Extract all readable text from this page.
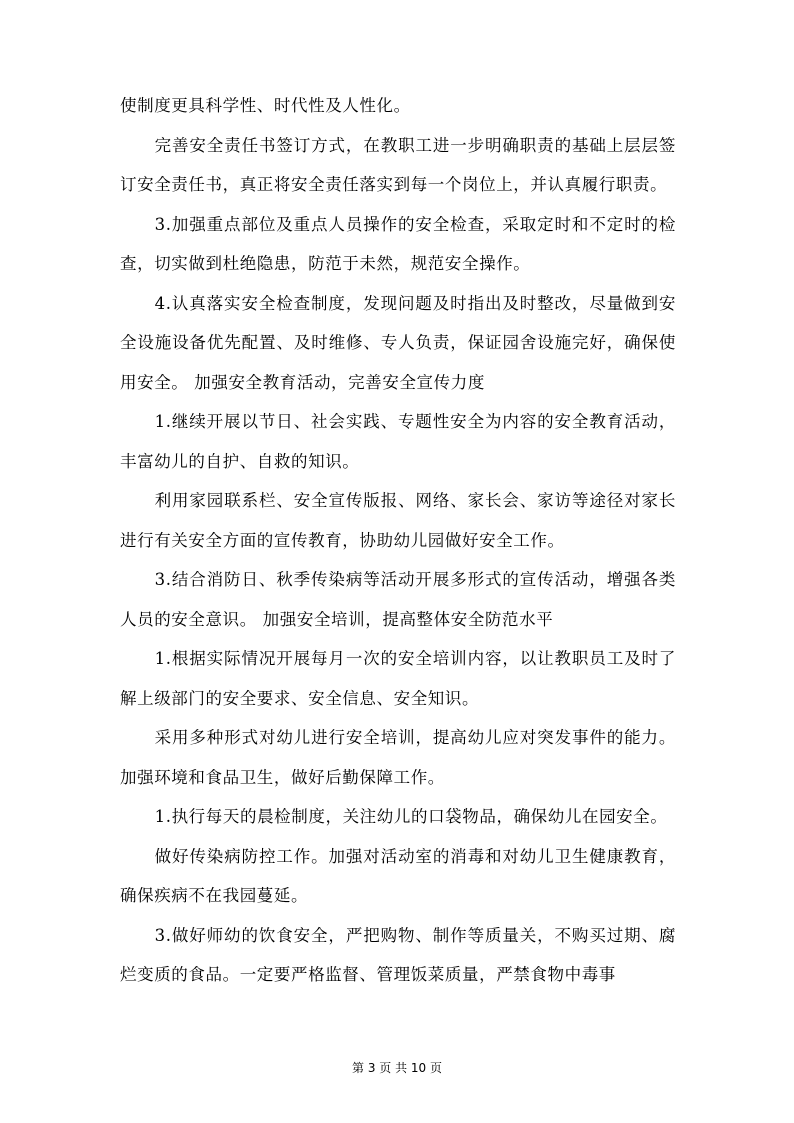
使制度更具科学性、时代性及人性化。

完善安全责任书签订方式，在教职工进一步明确职责的基础上层层签订安全责任书，真正将安全责任落实到每一个岗位上，并认真履行职责。

3.加强重点部位及重点人员操作的安全检查，采取定时和不定时的检查，切实做到杜绝隐患，防范于未然，规范安全操作。

4.认真落实安全检查制度，发现问题及时指出及时整改，尽量做到安全设施设备优先配置、及时维修、专人负责，保证园舍设施完好，确保使用安全。 加强安全教育活动，完善安全宣传力度

1.继续开展以节日、社会实践、专题性安全为内容的安全教育活动，丰富幼儿的自护、自救的知识。

利用家园联系栏、安全宣传版报、网络、家长会、家访等途径对家长进行有关安全方面的宣传教育，协助幼儿园做好安全工作。

3.结合消防日、秋季传染病等活动开展多形式的宣传活动，增强各类人员的安全意识。 加强安全培训，提高整体安全防范水平

1.根据实际情况开展每月一次的安全培训内容，以让教职员工及时了解上级部门的安全要求、安全信息、安全知识。

采用多种形式对幼儿进行安全培训，提高幼儿应对突发事件的能力。 加强环境和食品卫生，做好后勤保障工作。

1.执行每天的晨检制度，关注幼儿的口袋物品，确保幼儿在园安全。

做好传染病防控工作。加强对活动室的消毒和对幼儿卫生健康教育，确保疾病不在我园蔓延。

3.做好师幼的饮食安全，严把购物、制作等质量关，不购买过期、腐烂变质的食品。一定要严格监督、管理饭菜质量，严禁食物中毒事

第 3 页 共 10 页
